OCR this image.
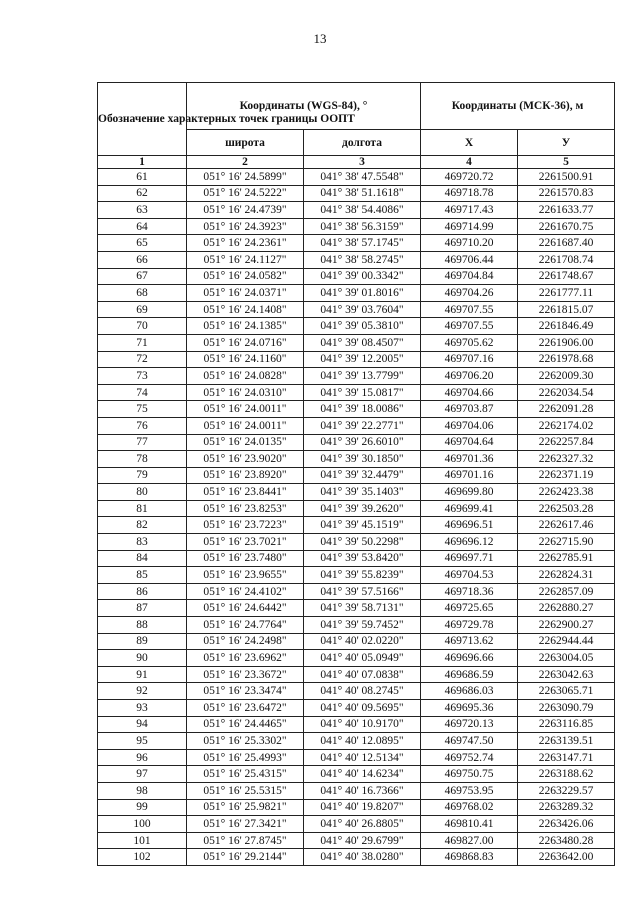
13
Обозначение характерных точек границы ООПТ	Координаты (WGS-84), °		Координаты (МСК-36), м	
	широта	долгота	Х	У
1	2	3	4	5
61	051° 16' 24.5899"	041° 38' 47.5548"	469720.72	2261500.91
62	051° 16' 24.5222"	041° 38' 51.1618"	469718.78	2261570.83
63	051° 16' 24.4739"	041° 38' 54.4086"	469717.43	2261633.77
64	051° 16' 24.3923"	041° 38' 56.3159"	469714.99	2261670.75
65	051° 16' 24.2361"	041° 38' 57.1745"	469710.20	2261687.40
66	051° 16' 24.1127"	041° 38' 58.2745"	469706.44	2261708.74
67	051° 16' 24.0582"	041° 39' 00.3342"	469704.84	2261748.67
68	051° 16' 24.0371"	041° 39' 01.8016"	469704.26	2261777.11
69	051° 16' 24.1408"	041° 39' 03.7604"	469707.55	2261815.07
70	051° 16' 24.1385"	041° 39' 05.3810"	469707.55	2261846.49
71	051° 16' 24.0716"	041° 39' 08.4507"	469705.62	2261906.00
72	051° 16' 24.1160"	041° 39' 12.2005"	469707.16	2261978.68
73	051° 16' 24.0828"	041° 39' 13.7799"	469706.20	2262009.30
74	051° 16' 24.0310"	041° 39' 15.0817"	469704.66	2262034.54
75	051° 16' 24.0011"	041° 39' 18.0086"	469703.87	2262091.28
76	051° 16' 24.0011"	041° 39' 22.2771"	469704.06	2262174.02
77	051° 16' 24.0135"	041° 39' 26.6010"	469704.64	2262257.84
78	051° 16' 23.9020"	041° 39' 30.1850"	469701.36	2262327.32
79	051° 16' 23.8920"	041° 39' 32.4479"	469701.16	2262371.19
80	051° 16' 23.8441"	041° 39' 35.1403"	469699.80	2262423.38
81	051° 16' 23.8253"	041° 39' 39.2620"	469699.41	2262503.28
82	051° 16' 23.7223"	041° 39' 45.1519"	469696.51	2262617.46
83	051° 16' 23.7021"	041° 39' 50.2298"	469696.12	2262715.90
84	051° 16' 23.7480"	041° 39' 53.8420"	469697.71	2262785.91
85	051° 16' 23.9655"	041° 39' 55.8239"	469704.53	2262824.31
86	051° 16' 24.4102"	041° 39' 57.5166"	469718.36	2262857.09
87	051° 16' 24.6442"	041° 39' 58.7131"	469725.65	2262880.27
88	051° 16' 24.7764"	041° 39' 59.7452"	469729.78	2262900.27
89	051° 16' 24.2498"	041° 40' 02.0220"	469713.62	2262944.44
90	051° 16' 23.6962"	041° 40' 05.0949"	469696.66	2263004.05
91	051° 16' 23.3672"	041° 40' 07.0838"	469686.59	2263042.63
92	051° 16' 23.3474"	041° 40' 08.2745"	469686.03	2263065.71
93	051° 16' 23.6472"	041° 40' 09.5695"	469695.36	2263090.79
94	051° 16' 24.4465"	041° 40' 10.9170"	469720.13	2263116.85
95	051° 16' 25.3302"	041° 40' 12.0895"	469747.50	2263139.51
96	051° 16' 25.4993"	041° 40' 12.5134"	469752.74	2263147.71
97	051° 16' 25.4315"	041° 40' 14.6234"	469750.75	2263188.62
98	051° 16' 25.5315"	041° 40' 16.7366"	469753.95	2263229.57
99	051° 16' 25.9821"	041° 40' 19.8207"	469768.02	2263289.32
100	051° 16' 27.3421"	041° 40' 26.8805"	469810.41	2263426.06
101	051° 16' 27.8745"	041° 40' 29.6799"	469827.00	2263480.28
102	051° 16' 29.2144"	041° 40' 38.0280"	469868.83	2263642.00
